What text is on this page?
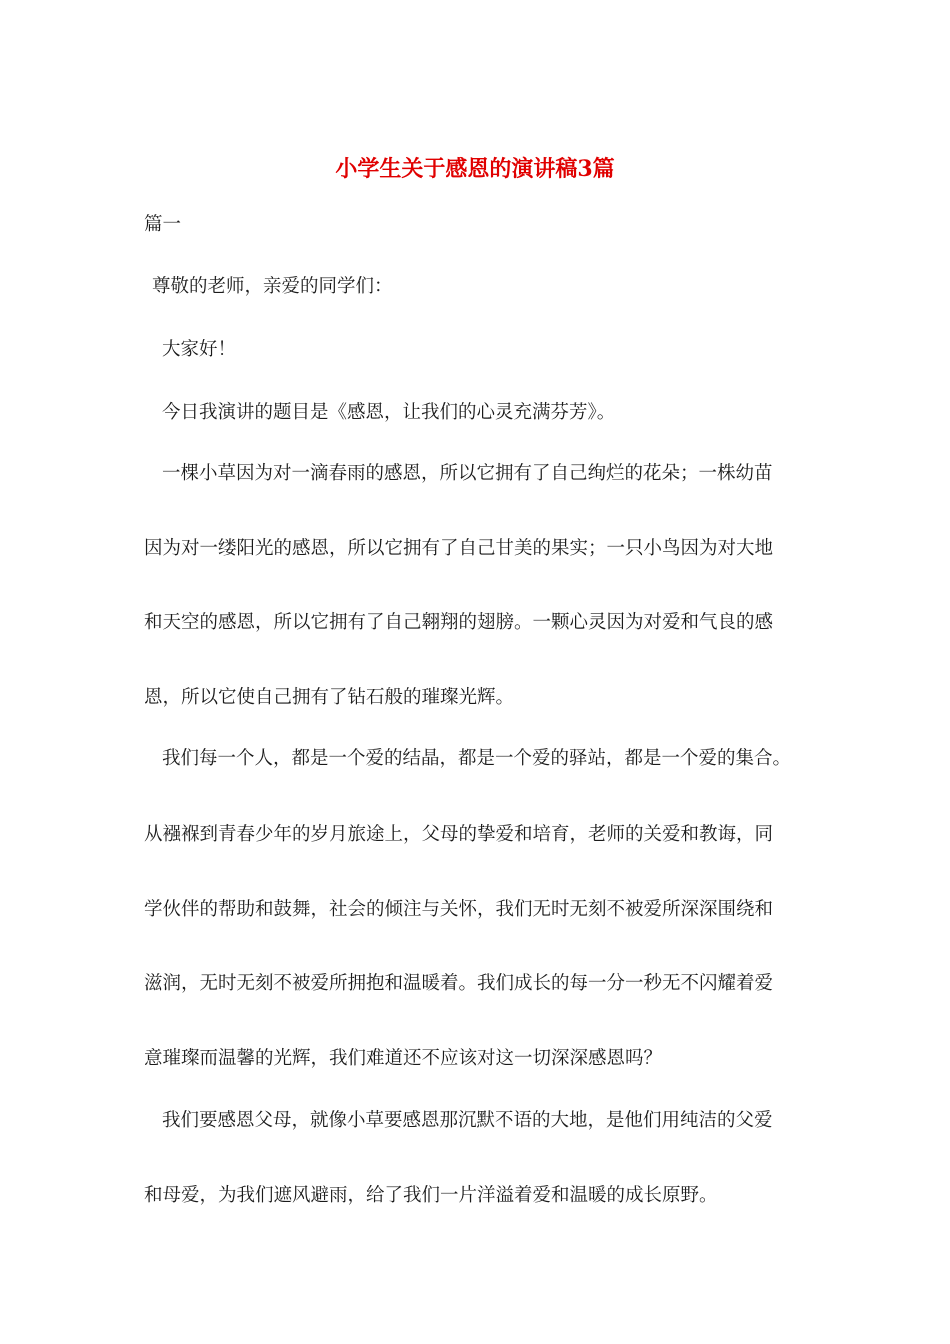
小学生关于感恩的演讲稿3篇

篇一

尊敬的老师，亲爱的同学们：

大家好！

今日我演讲的题目是《感恩，让我们的心灵充满芬芳》。

一棵小草因为对一滴春雨的感恩，所以它拥有了自己绚烂的花朵；一株幼苗

因为对一缕阳光的感恩，所以它拥有了自己甘美的果实；一只小鸟因为对大地

和天空的感恩，所以它拥有了自己翱翔的翅膀。一颗心灵因为对爱和气良的感

恩，所以它使自己拥有了钻石般的璀璨光辉。

我们每一个人，都是一个爱的结晶，都是一个爱的驿站，都是一个爱的集合。

从襁褓到青春少年的岁月旅途上，父母的挚爱和培育，老师的关爱和教诲，同

学伙伴的帮助和鼓舞，社会的倾注与关怀，我们无时无刻不被爱所深深围绕和

滋润，无时无刻不被爱所拥抱和温暖着。我们成长的每一分一秒无不闪耀着爱

意璀璨而温馨的光辉，我们难道还不应该对这一切深深感恩吗？

我们要感恩父母，就像小草要感恩那沉默不语的大地，是他们用纯洁的父爱

和母爱，为我们遮风避雨，给了我们一片洋溢着爱和温暖的成长原野。
